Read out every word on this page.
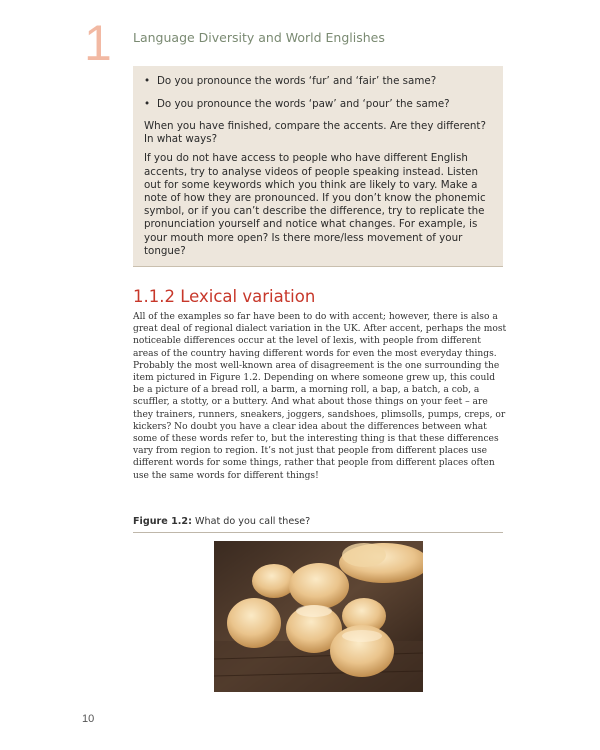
1 Language Diversity and World Englishes
• Do you pronounce the words ‘fur’ and ‘fair’ the same?
• Do you pronounce the words ‘paw’ and ‘pour’ the same?

When you have finished, compare the accents. Are they different? In what ways?

If you do not have access to people who have different English accents, try to analyse videos of people speaking instead. Listen out for some keywords which you think are likely to vary. Make a note of how they are pronounced. If you don’t know the phonemic symbol, or if you can’t describe the difference, try to replicate the pronunciation yourself and notice what changes. For example, is your mouth more open? Is there more/less movement of your tongue?

1.1.2 Lexical variation

All of the examples so far have been to do with accent; however, there is also a great deal of regional dialect variation in the UK. After accent, perhaps the most noticeable differences occur at the level of lexis, with people from different areas of the country having different words for even the most everyday things. Probably the most well-known area of disagreement is the one surrounding the item pictured in Figure 1.2. Depending on where someone grew up, this could be a picture of a bread roll, a barm, a morning roll, a bap, a batch, a cob, a scuffler, a stotty, or a buttery. And what about those things on your feet – are they trainers, runners, sneakers, joggers, sandshoes, plimsolls, pumps, creps, or kickers? No doubt you have a clear idea about the differences between what some of these words refer to, but the interesting thing is that these differences vary from region to region. It’s not just that people from different places use different words for some things, rather that people from different places often use the same words for different things!

Figure 1.2: What do you call these?
10
